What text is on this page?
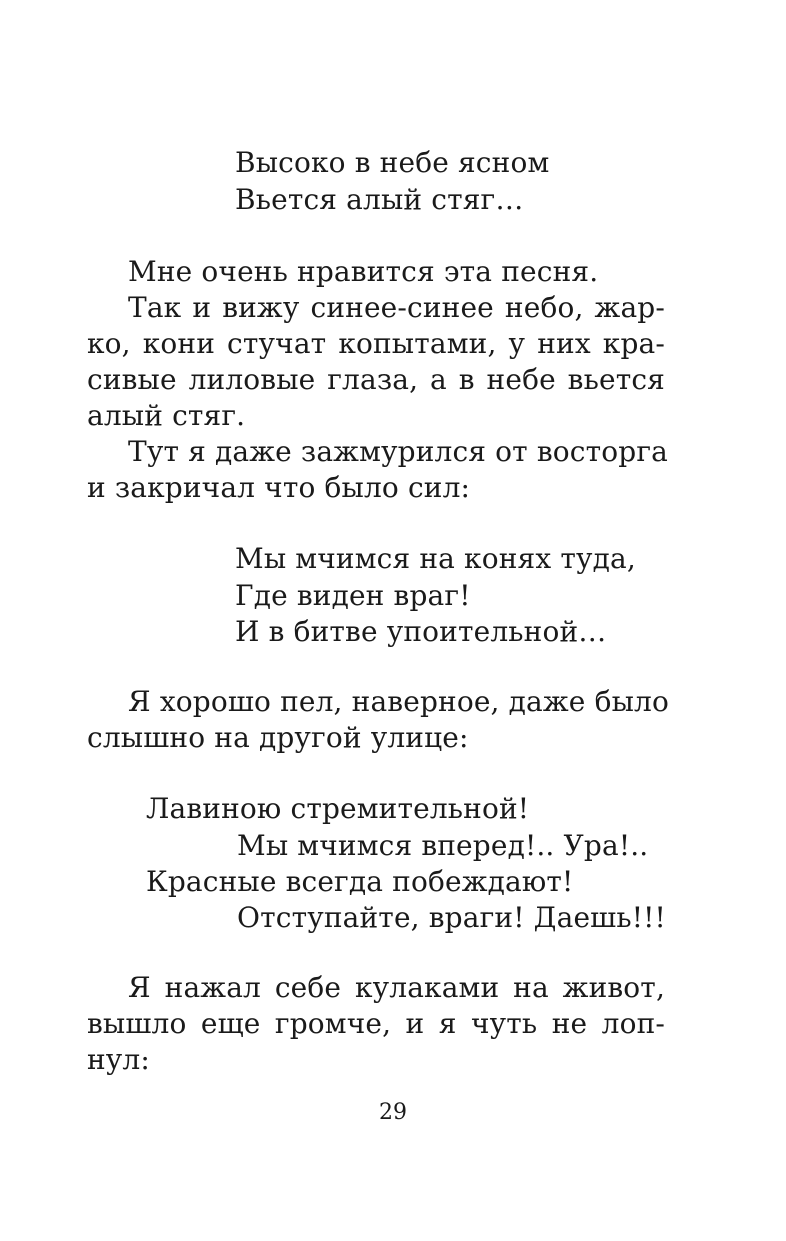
Высоко в небе ясном
Вьется алый стяг…
Мне очень нравится эта песня.
Так и вижу синее-синее небо, жар-
ко, кони стучат копытами, у них кра-
сивые лиловые глаза, а в небе вьется
алый стяг.
Тут я даже зажмурился от восторга
и закричал что было сил:
Мы мчимся на конях туда,
Где виден враг!
И в битве упоительной…
Я хорошо пел, наверное, даже было
слышно на другой улице:
Лавиною стремительной!
Мы мчимся вперед!.. Ура!..
Красные всегда побеждают!
Отступайте, враги! Даешь!!!
Я нажал себе кулаками на живот,
вышло еще громче, и я чуть не лоп-
нул:
29
